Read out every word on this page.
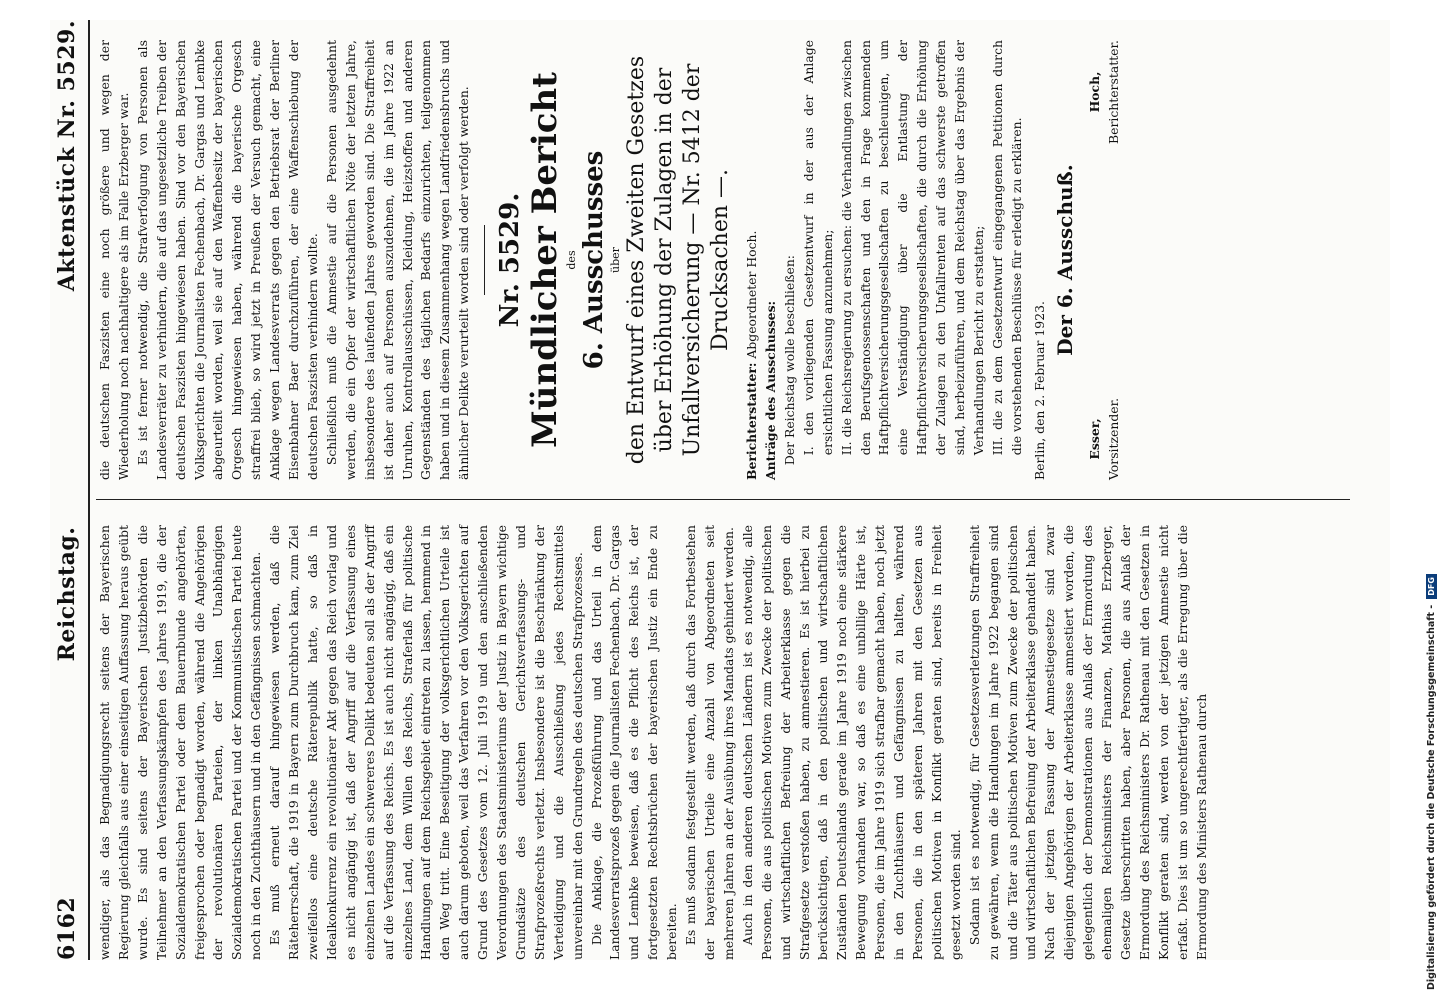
6162
Reichstag.
Aktenstück Nr. 5529.

wendiger, als das Begnadigungsrecht seitens der Bayerischen Regierung gleichfalls aus einer einseitigen Auffassung heraus geübt wurde. Es sind seitens der Bayerischen Justizbehörden die Teilnehmer an den Verfassungskämpfen des Jahres 1919, die der Sozialdemokratischen Partei oder dem Bauernbunde angehörten, freigesprochen oder begnadigt worden, während die Angehörigen der revolutionären Parteien, der linken Unabhängigen Sozialdemokratischen Partei und der Kommunistischen Partei heute noch in den Zuchthäusern und in den Gefängnissen schmachten. Es muß erneut darauf hingewiesen werden, daß die Räteherrschaft, die 1919 in Bayern zum Durchbruch kam, zum Ziel zweifellos eine deutsche Räterepublik hatte, so daß in Idealkonkurrenz ein revolutionärer Akt gegen das Reich vorlag und es nicht angängig ist, daß der Angriff auf die Verfassung eines einzelnen Landes ein schwereres Delikt bedeuten soll als der Angriff auf die Verfassung des Reichs. Es ist auch nicht angängig, daß ein einzelnes Land, dem Willen des Reichs, Straferlaß für politische Handlungen auf dem Reichsgebiet eintreten zu lassen, hemmend in den Weg tritt. Eine Beseitigung der volksgerichtlichen Urteile ist auch darum geboten, weil das Verfahren vor den Volksgerichten auf Grund des Gesetzes vom 12. Juli 1919 und den anschließenden Verordnungen des Staatsministeriums der Justiz in Bayern wichtige Grundsätze des deutschen Gerichtsverfassungs- und Strafprozeßrechts verletzt. Insbesondere ist die Beschränkung der Verteidigung und die Ausschließung jedes Rechtsmittels unvereinbar mit den Grundregeln des deutschen Strafprozesses. Die Anklage, die Prozeßführung und das Urteil in dem Landesverratsprozeß gegen die Journalisten Fechenbach, Dr. Gargas und Lembke beweisen, daß es die Pflicht des Reichs ist, der fortgesetzten Rechtsbrüchen der bayerischen Justiz ein Ende zu bereiten. Es muß sodann festgestellt werden, daß durch das Fortbestehen der bayerischen Urteile eine Anzahl von Abgeordneten seit mehreren Jahren an der Ausübung ihres Mandats gehindert werden. Auch in den anderen deutschen Ländern ist es notwendig, alle Personen, die aus politischen Motiven zum Zwecke der politischen und wirtschaftlichen Befreiung der Arbeiterklasse gegen die Strafgesetze verstoßen haben, zu amnestieren. Es ist hierbei zu berücksichtigen, daß in den politischen und wirtschaftlichen Zuständen Deutschlands gerade im Jahre 1919 noch eine stärkere Bewegung vorhanden war, so daß es eine unbillige Härte ist, Personen, die im Jahre 1919 sich strafbar gemacht haben, noch jetzt in den Zuchthäusern und Gefängnissen zu halten, während Personen, die in den späteren Jahren mit den Gesetzen aus politischen Motiven in Konflikt geraten sind, bereits in Freiheit gesetzt worden sind. Sodann ist es notwendig, für Gesetzesverletzungen Straffreiheit zu gewähren, wenn die Handlungen im Jahre 1922 begangen sind und die Täter aus politischen Motiven zum Zwecke der politischen und wirtschaftlichen Befreiung der Arbeiterklasse gehandelt haben. Nach der jetzigen Fassung der Amnestiegesetze sind zwar diejenigen Angehörigen der Arbeiterklasse amnestiert worden, die gelegentlich der Demonstrationen aus Anlaß der Ermordung des ehemaligen Reichsministers der Finanzen, Mathias Erzberger, Gesetze überschritten haben, aber Personen, die aus Anlaß der Ermordung des Reichsministers Dr. Rathenau mit den Gesetzen in Konflikt geraten sind, werden von der jetzigen Amnestie nicht erfaßt. Dies ist um so ungerechtfertigter, als die Erregung über die Ermordung des Ministers Rathenau durch

die deutschen Faszisten eine noch größere und wegen der Wiederholung noch nachhaltigere als im Falle Erzberger war. Es ist ferner notwendig, die Strafverfolgung von Personen als Landesverräter zu verhindern, die auf das ungesetzliche Treiben der deutschen Faszisten hingewiesen haben. Sind vor den Bayerischen Volksgerichten die Journalisten Fechenbach, Dr. Gargas und Lembke abgeurteilt worden, weil sie auf den Waffenbesitz der bayerischen Orgesch hingewiesen haben, während die bayerische Orgesch straffrei blieb, so wird jetzt in Preußen der Versuch gemacht, eine Anklage wegen Landesverrats gegen den Betriebsrat der Berliner Eisenbahner Baer durchzuführen, der eine Waffenschiebung der deutschen Faszisten verhindern wollte. Schließlich muß die Amnestie auf die Personen ausgedehnt werden, die ein Opfer der wirtschaftlichen Nöte der letzten Jahre, insbesondere des laufenden Jahres geworden sind. Die Straffreiheit ist daher auch auf Personen auszudehnen, die im Jahre 1922 an Unruhen, Kontrollausschüssen, Kleidung, Heizstoffen und anderen Gegenständen des täglichen Bedarfs einzurichten, teilgenommen haben und in diesem Zusammenhang wegen Landfriedensbruchs und ähnlicher Delikte verurteilt worden sind oder verfolgt werden. Nr. 5529. Mündlicher Bericht des 6. Ausschusses über den Entwurf eines Zweiten Gesetzes über Erhöhung der Zulagen in der Unfallversicherung — Nr. 5412 der Drucksachen —.

Berichterstatter: Abgeordneter Hoch.

Anträge des Ausschusses: Der Reichstag wolle beschließen: I. den vorliegenden Gesetzentwurf in der aus der Anlage ersichtlichen Fassung anzunehmen; II. die Reichsregierung zu ersuchen: die Verhandlungen zwischen den Berufsgenossenschaften und den in Frage kommenden Haftpflichtversicherungsgesellschaften zu beschleunigen, um eine Verständigung über die Entlastung der Haftpflichtversicherungsgesellschaften, die durch die Erhöhung der Zulagen zu den Unfallrenten auf das schwerste getroffen sind, herbeizuführen, und dem Reichstag über das Ergebnis der Verhandlungen Bericht zu erstatten; III. die zu dem Gesetzentwurf eingegangenen Petitionen durch die vorstehenden Beschlüsse für erledigt zu erklären. Berlin, den 2. Februar 1923.

Der 6. Ausschuß.

Esser, Vorsitzender.
Hoch, Berichterstatter.
Digitalisierung gefördert durch die Deutsche Forschungsgemeinschaft -
DFG
